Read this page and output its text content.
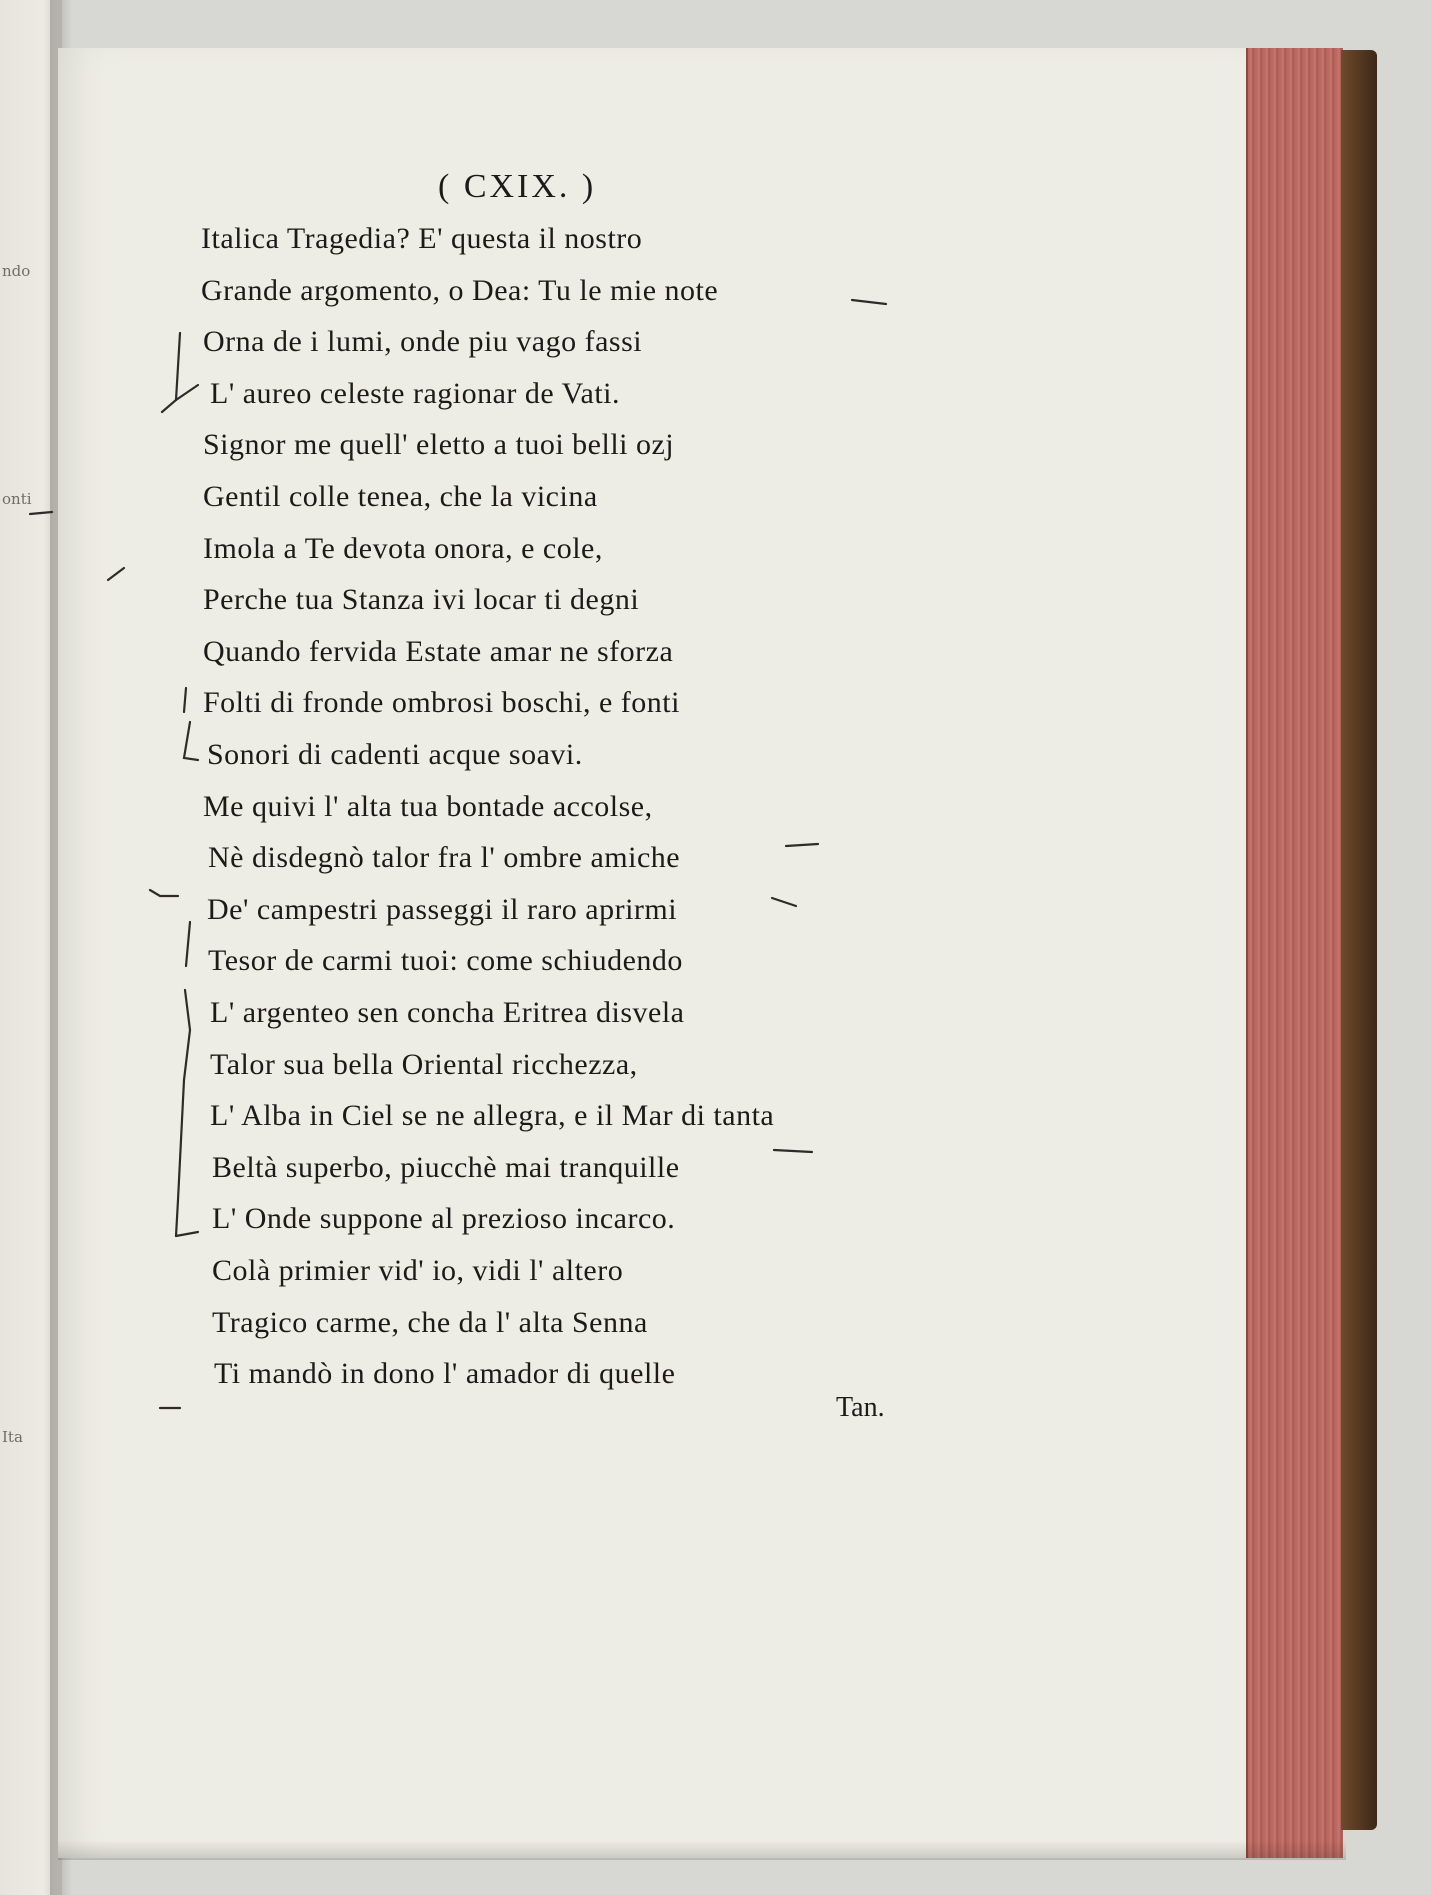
ndo
onti
Ita
( CXIX. )
Italica Tragedia? E' questa il nostro
Grande argomento, o Dea: Tu le mie note
Orna de i lumi, onde piu vago fassi
L' aureo celeste ragionar de Vati.
Signor me quell' eletto a tuoi belli ozj
Gentil colle tenea, che la vicina
Imola a Te devota onora, e cole,
Perche tua Stanza ivi locar ti degni
Quando fervida Estate amar ne sforza
Folti di fronde ombrosi boschi, e fonti
Sonori di cadenti acque soavi.
Me quivi l' alta tua bontade accolse,
Nè disdegnò talor fra l' ombre amiche
De' campestri passeggi il raro aprirmi
Tesor de carmi tuoi: come schiudendo
L' argenteo sen concha Eritrea disvela
Talor sua bella Oriental ricchezza,
L' Alba in Ciel se ne allegra, e il Mar di tanta
Beltà superbo, piucchè mai tranquille
L' Onde suppone al prezioso incarco.
Colà primier vid' io, vidi l' altero
Tragico carme, che da l' alta Senna
Ti mandò in dono l' amador di quelle
Tan.
